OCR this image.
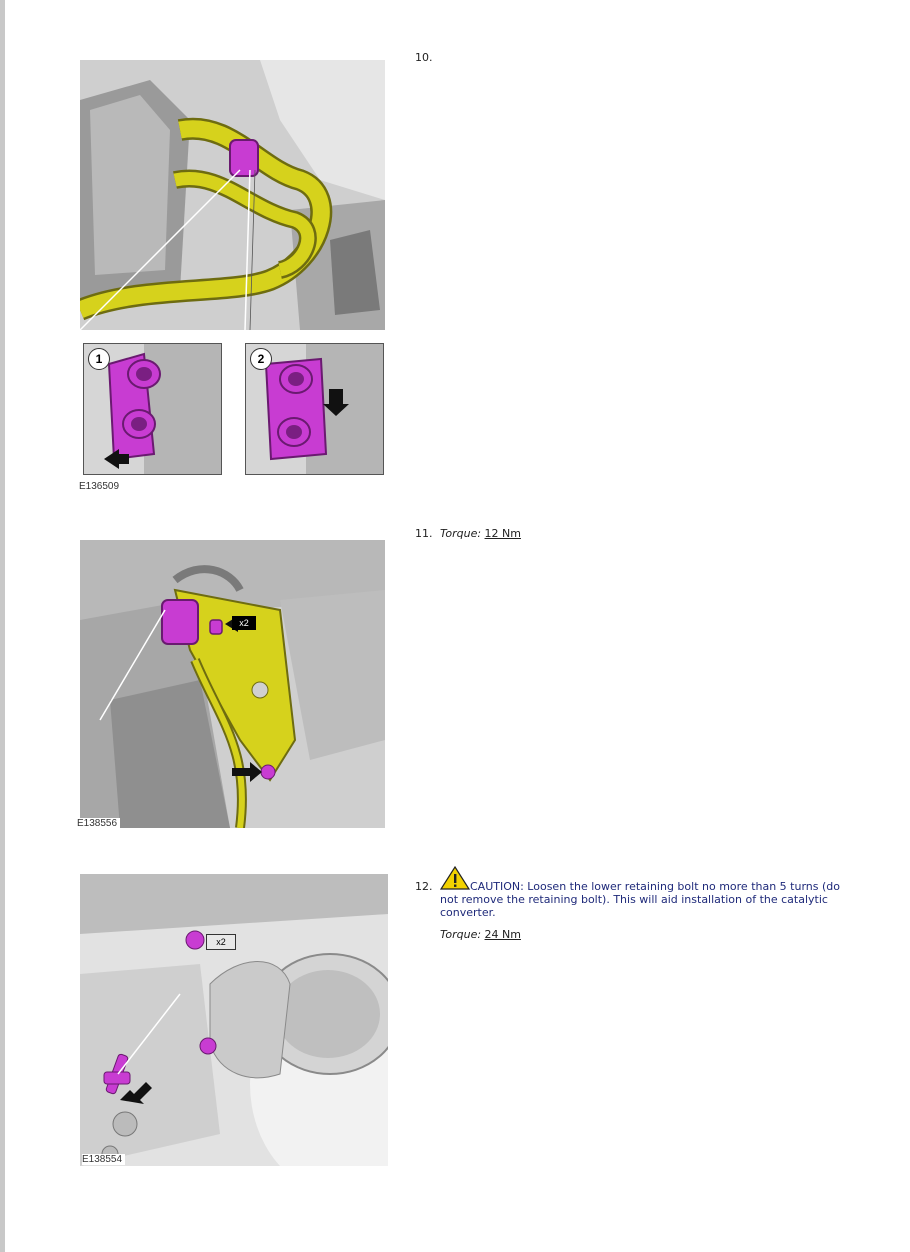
1	2
E136509
10.
x2
E138556
11. Torque: 12 Nm
x2
E138554
12.	CAUTION: Loosen the lower retaining bolt no more than 5 turns (do not remove the retaining bolt). This will aid installation of the catalytic converter.
Torque: 24 Nm
